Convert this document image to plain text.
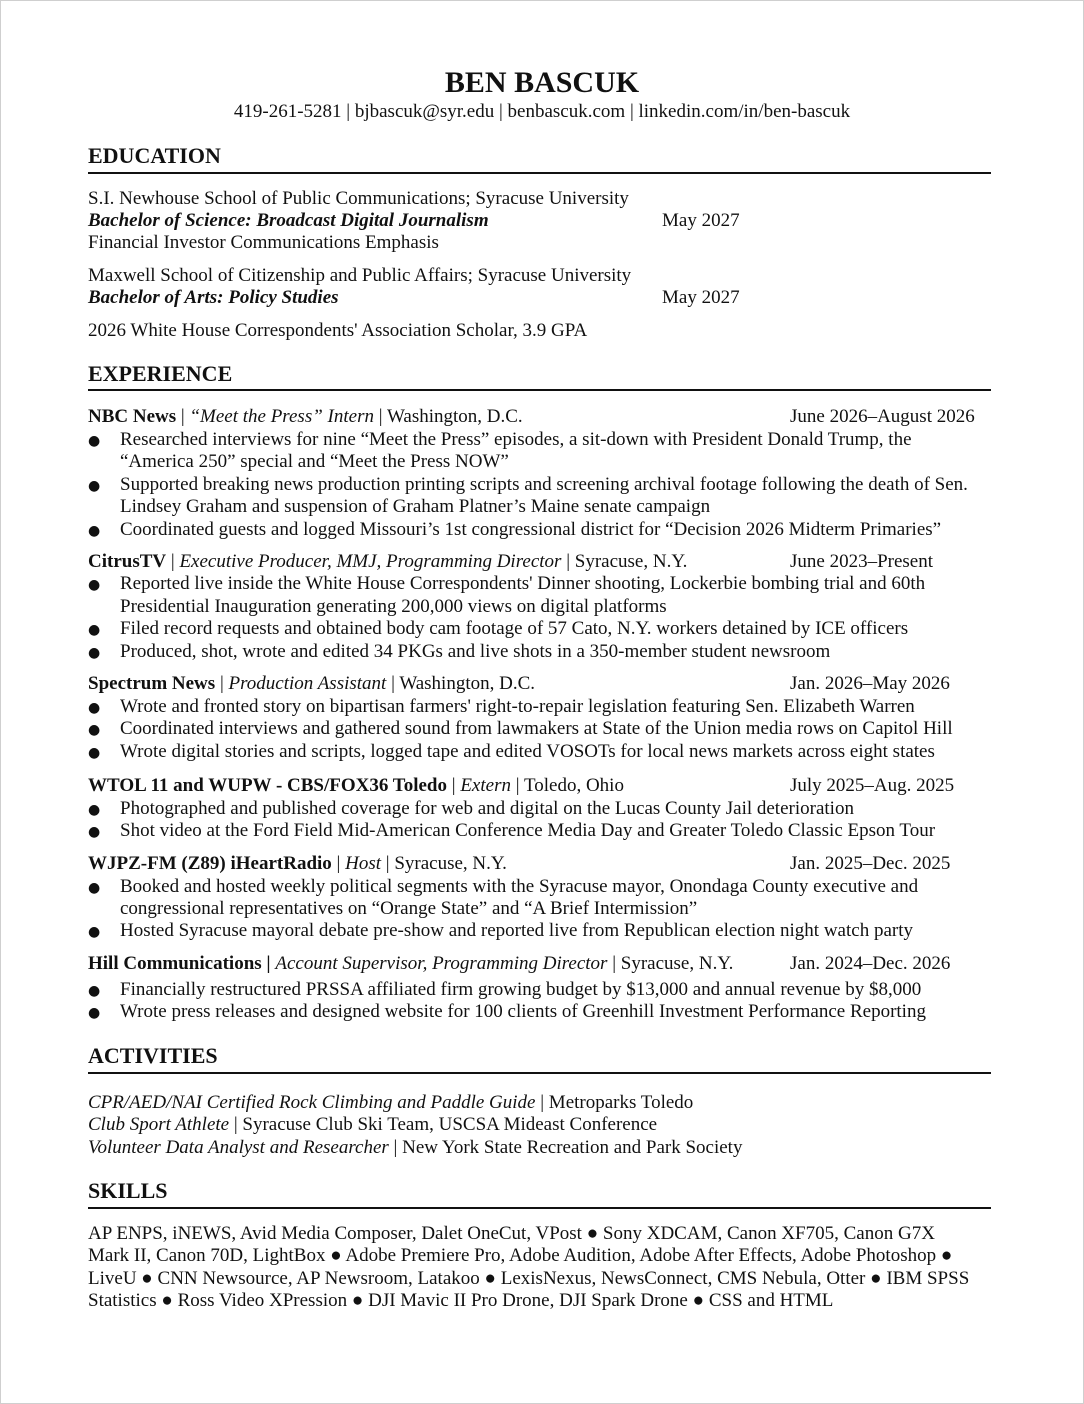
BEN BASCUK
419-261-5281 | bjbascuk@syr.edu | benbascuk.com | linkedin.com/in/ben-bascuk
EDUCATION
S.I. Newhouse School of Public Communications; Syracuse University
Bachelor of Science: Broadcast Digital Journalism	May 2027
Financial Investor Communications Emphasis
Maxwell School of Citizenship and Public Affairs; Syracuse University
Bachelor of Arts: Policy Studies	May 2027
2026 White House Correspondents' Association Scholar, 3.9 GPA
EXPERIENCE
NBC News | “Meet the Press” Intern | Washington, D.C.	June 2026–August 2026
● Researched interviews for nine “Meet the Press” episodes, a sit-down with President Donald Trump, the
“America 250” special and “Meet the Press NOW”
● Supported breaking news production printing scripts and screening archival footage following the death of Sen.
Lindsey Graham and suspension of Graham Platner’s Maine senate campaign
● Coordinated guests and logged Missouri’s 1st congressional district for “Decision 2026 Midterm Primaries”
CitrusTV | Executive Producer, MMJ, Programming Director | Syracuse, N.Y.	June 2023–Present
● Reported live inside the White House Correspondents' Dinner shooting, Lockerbie bombing trial and 60th
Presidential Inauguration generating 200,000 views on digital platforms
● Filed record requests and obtained body cam footage of 57 Cato, N.Y. workers detained by ICE officers
● Produced, shot, wrote and edited 34 PKGs and live shots in a 350-member student newsroom
Spectrum News | Production Assistant | Washington, D.C.	Jan. 2026–May 2026
● Wrote and fronted story on bipartisan farmers' right-to-repair legislation featuring Sen. Elizabeth Warren
● Coordinated interviews and gathered sound from lawmakers at State of the Union media rows on Capitol Hill
● Wrote digital stories and scripts, logged tape and edited VOSOTs for local news markets across eight states
WTOL 11 and WUPW - CBS/FOX36 Toledo | Extern | Toledo, Ohio	July 2025–Aug. 2025
● Photographed and published coverage for web and digital on the Lucas County Jail deterioration
● Shot video at the Ford Field Mid-American Conference Media Day and Greater Toledo Classic Epson Tour
WJPZ-FM (Z89) iHeartRadio | Host | Syracuse, N.Y.	Jan. 2025–Dec. 2025
● Booked and hosted weekly political segments with the Syracuse mayor, Onondaga County executive and
congressional representatives on “Orange State” and “A Brief Intermission”
● Hosted Syracuse mayoral debate pre-show and reported live from Republican election night watch party
Hill Communications | Account Supervisor, Programming Director | Syracuse, N.Y.	Jan. 2024–Dec. 2026
● Financially restructured PRSSA affiliated firm growing budget by $13,000 and annual revenue by $8,000
● Wrote press releases and designed website for 100 clients of Greenhill Investment Performance Reporting
ACTIVITIES
CPR/AED/NAI Certified Rock Climbing and Paddle Guide | Metroparks Toledo
Club Sport Athlete | Syracuse Club Ski Team, USCSA Mideast Conference
Volunteer Data Analyst and Researcher | New York State Recreation and Park Society
SKILLS
AP ENPS, iNEWS, Avid Media Composer, Dalet OneCut, VPost ● Sony XDCAM, Canon XF705, Canon G7X
Mark II, Canon 70D, LightBox ● Adobe Premiere Pro, Adobe Audition, Adobe After Effects, Adobe Photoshop ●
LiveU ● CNN Newsource, AP Newsroom, Latakoo ● LexisNexus, NewsConnect, CMS Nebula, Otter ● IBM SPSS
Statistics ● Ross Video XPression ● DJI Mavic II Pro Drone, DJI Spark Drone ● CSS and HTML
